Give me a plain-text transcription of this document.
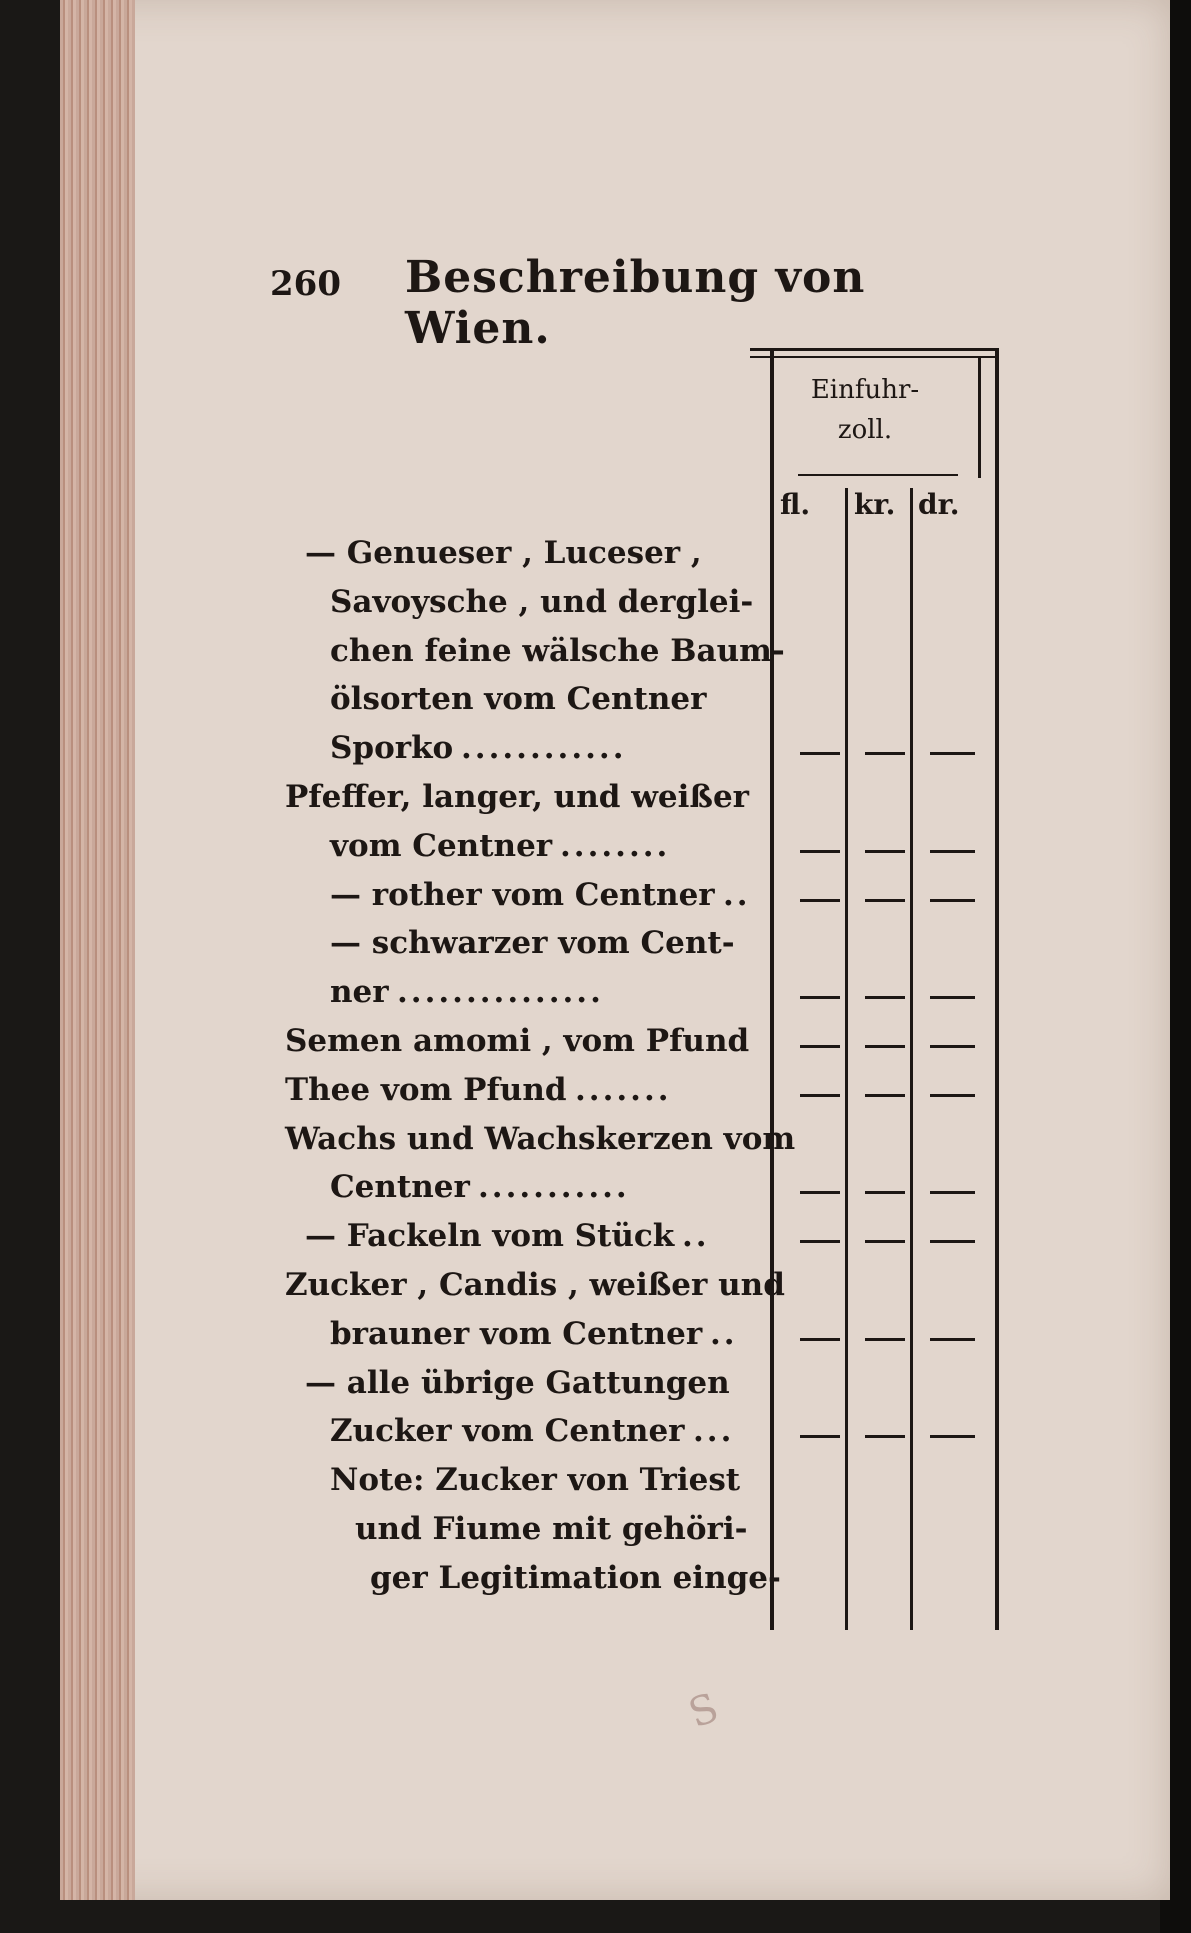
260 Beschreibung von Wien.
Einfuhr-
zoll.
fl. kr. dr.
— Genueser , Luceser ,
Savoysche , und derglei-
chen feine wälsche Baum-
ölsorten vom Centner
Sporko ............
Pfeffer, langer, und weißer
vom Centner ........
— rother vom Centner ..
— schwarzer vom Cent-
ner ...............
Semen amomi , vom Pfund
Thee vom Pfund .......
Wachs und Wachskerzen vom
Centner ...........
— Fackeln vom Stück ..
Zucker , Candis , weißer und
brauner vom Centner ..
— alle übrige Gattungen
Zucker vom Centner ...
Note: Zucker von Triest
und Fiume mit gehöri-
ger Legitimation einge-
S
